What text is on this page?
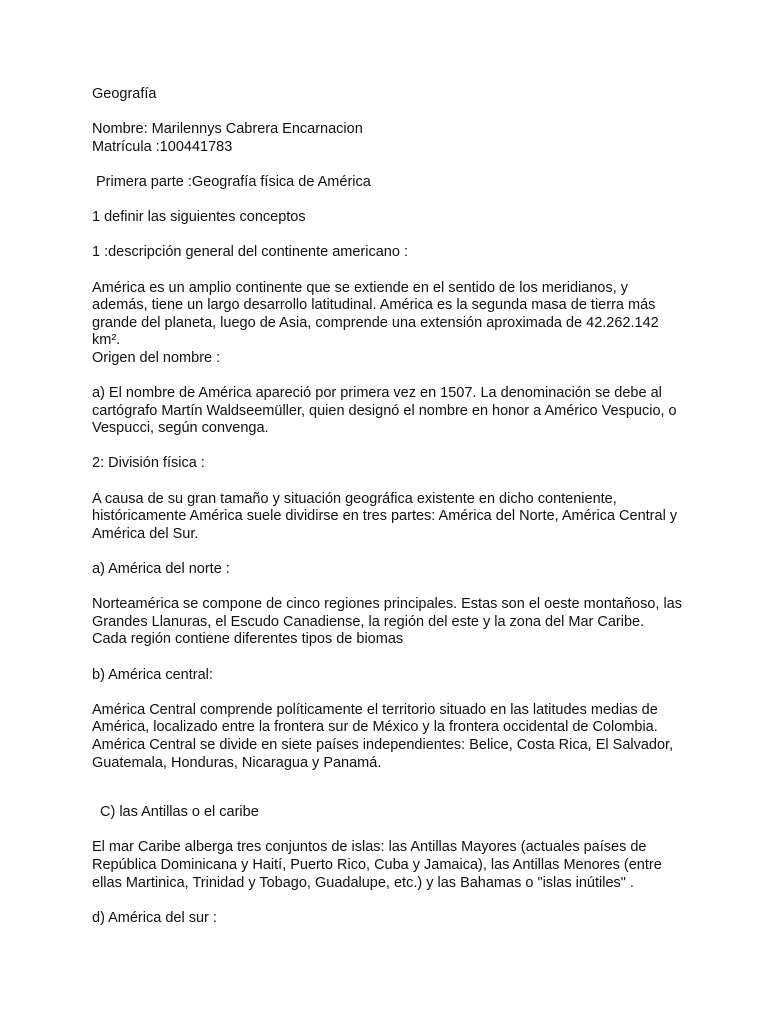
Geografía

Nombre: Marilennys Cabrera Encarnacion

Matrícula :100441783

Primera parte :Geografía física de América

1 definir las siguientes conceptos

1 :descripción general del continente americano :

América es un amplio continente que se extiende en el sentido de los meridianos, y además, tiene un largo desarrollo latitudinal. América es la segunda masa de tierra más grande del planeta, luego de Asia, comprende una extensión aproximada de 42.262.142 km².

Origen del nombre :

a) El nombre de América apareció por primera vez en 1507. La denominación se debe al cartógrafo Martín Waldseemüller, quien designó el nombre en honor a Américo Vespucio, o Vespucci, según convenga.

2: División física :

A causa de su gran tamaño y situación geográfica existente en dicho conteniente, históricamente América suele dividirse en tres partes: América del Norte, América Central y América del Sur.

a) América del norte :

Norteamérica se compone de cinco regiones principales. Estas son el oeste montañoso, las Grandes Llanuras, el Escudo Canadiense, la región del este y la zona del Mar Caribe. Cada región contiene diferentes tipos de biomas

b) América central:

América Central comprende políticamente el territorio situado en las latitudes medias de América, localizado entre la frontera sur de México y la frontera occidental de Colombia. América Central se divide en siete países independientes: Belice, Costa Rica, El Salvador, Guatemala, Honduras, Nicaragua y Panamá.

C) las Antillas o el caribe

El mar Caribe alberga tres conjuntos de islas: las Antillas Mayores (actuales países de República Dominicana y Haití, Puerto Rico, Cuba y Jamaica), las Antillas Menores (entre ellas Martinica, Trinidad y Tobago, Guadalupe, etc.) y las Bahamas o "islas inútiles" .

d) América del sur :
